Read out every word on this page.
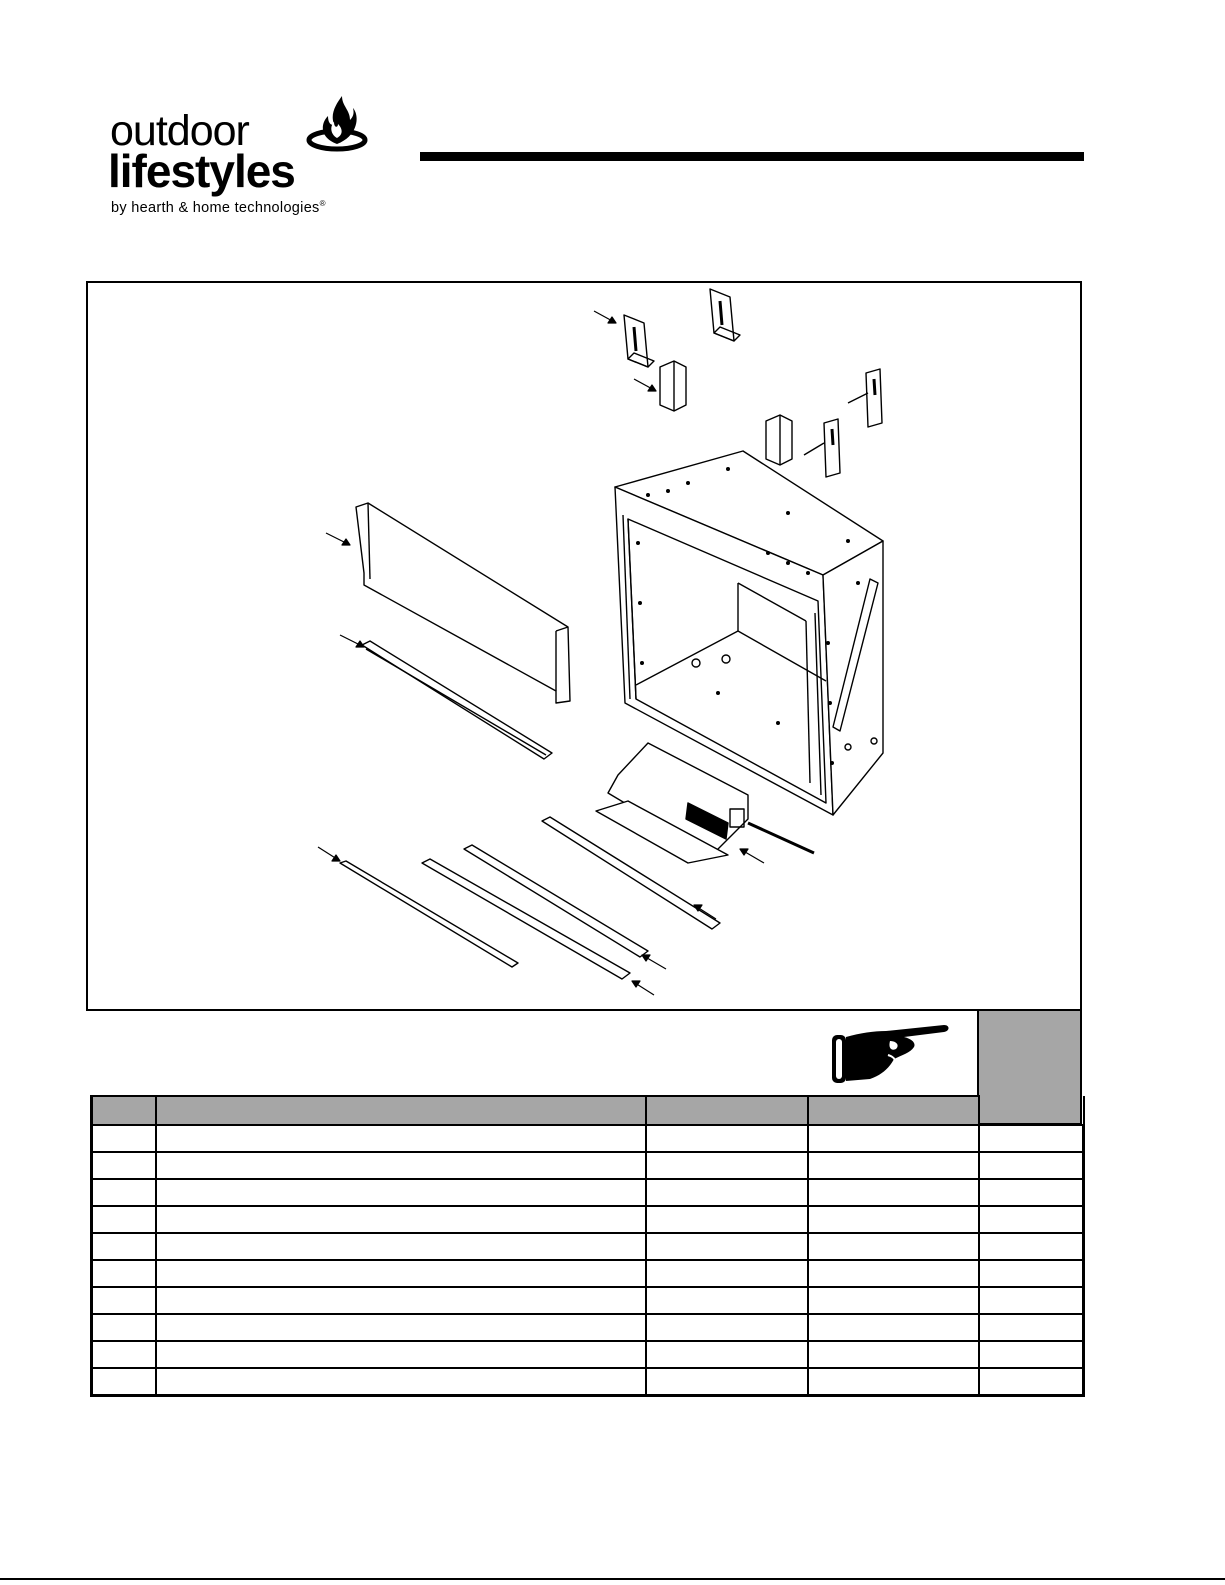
outdoor
lifestyles
by hearth & home technologies®
